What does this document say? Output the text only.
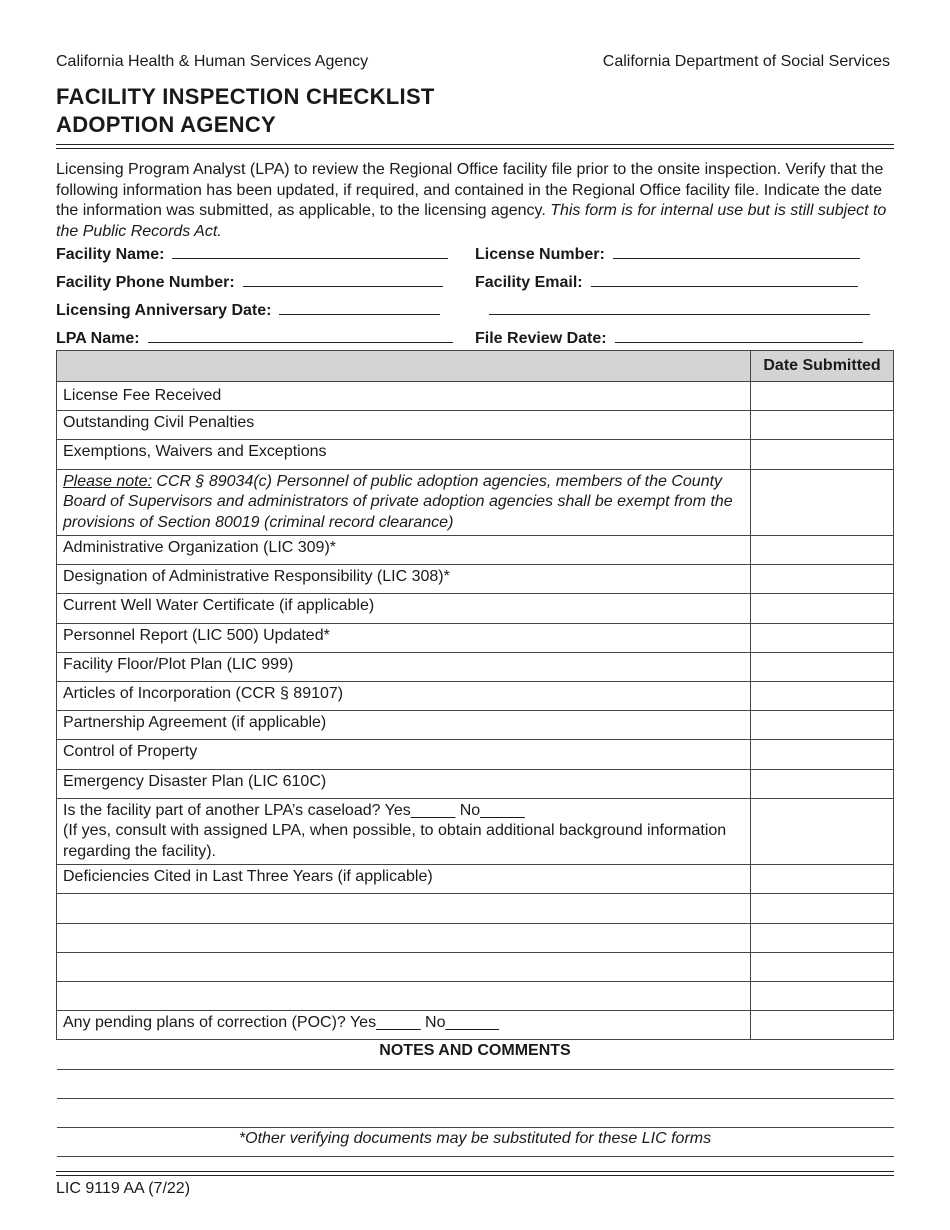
California Health & Human Services Agency	California Department of Social Services
FACILITY INSPECTION CHECKLIST
ADOPTION AGENCY

Licensing Program Analyst (LPA) to review the Regional Office facility file prior to the onsite inspection. Verify that the following information has been updated, if required, and contained in the Regional Office facility file. Indicate the date the information was submitted, as applicable, to the licensing agency. This form is for internal use but is still subject to the Public Records Act.

Facility Name:	License Number:
Facility Phone Number:	Facility Email:
Licensing Anniversary Date:
LPA Name:	File Review Date:
	Date Submitted
License Fee Received	
Outstanding Civil Penalties	
Exemptions, Waivers and Exceptions	
Please note: CCR § 89034(c) Personnel of public adoption agencies, members of the County Board of Supervisors and administrators of private adoption agencies shall be exempt from the provisions of Section 80019 (criminal record clearance)	
Administrative Organization (LIC 309)*	
Designation of Administrative Responsibility (LIC 308)*	
Current Well Water Certificate (if applicable)	
Personnel Report (LIC 500) Updated*	
Facility Floor/Plot Plan (LIC 999)	
Articles of Incorporation (CCR § 89107)	
Partnership Agreement (if applicable)	
Control of Property	
Emergency Disaster Plan (LIC 610C)	

Is the facility part of another LPA’s caseload? Yes_____ No_____
(If yes, consult with assigned LPA, when possible, to obtain additional background information regarding the facility).	

Deficiencies Cited in Last Three Years (if applicable)	

Any pending plans of correction (POC)? Yes_____ No______	
NOTES AND COMMENTS	

*Other verifying documents may be substituted for these LIC forms	
LIC 9119 AA (7/22)
